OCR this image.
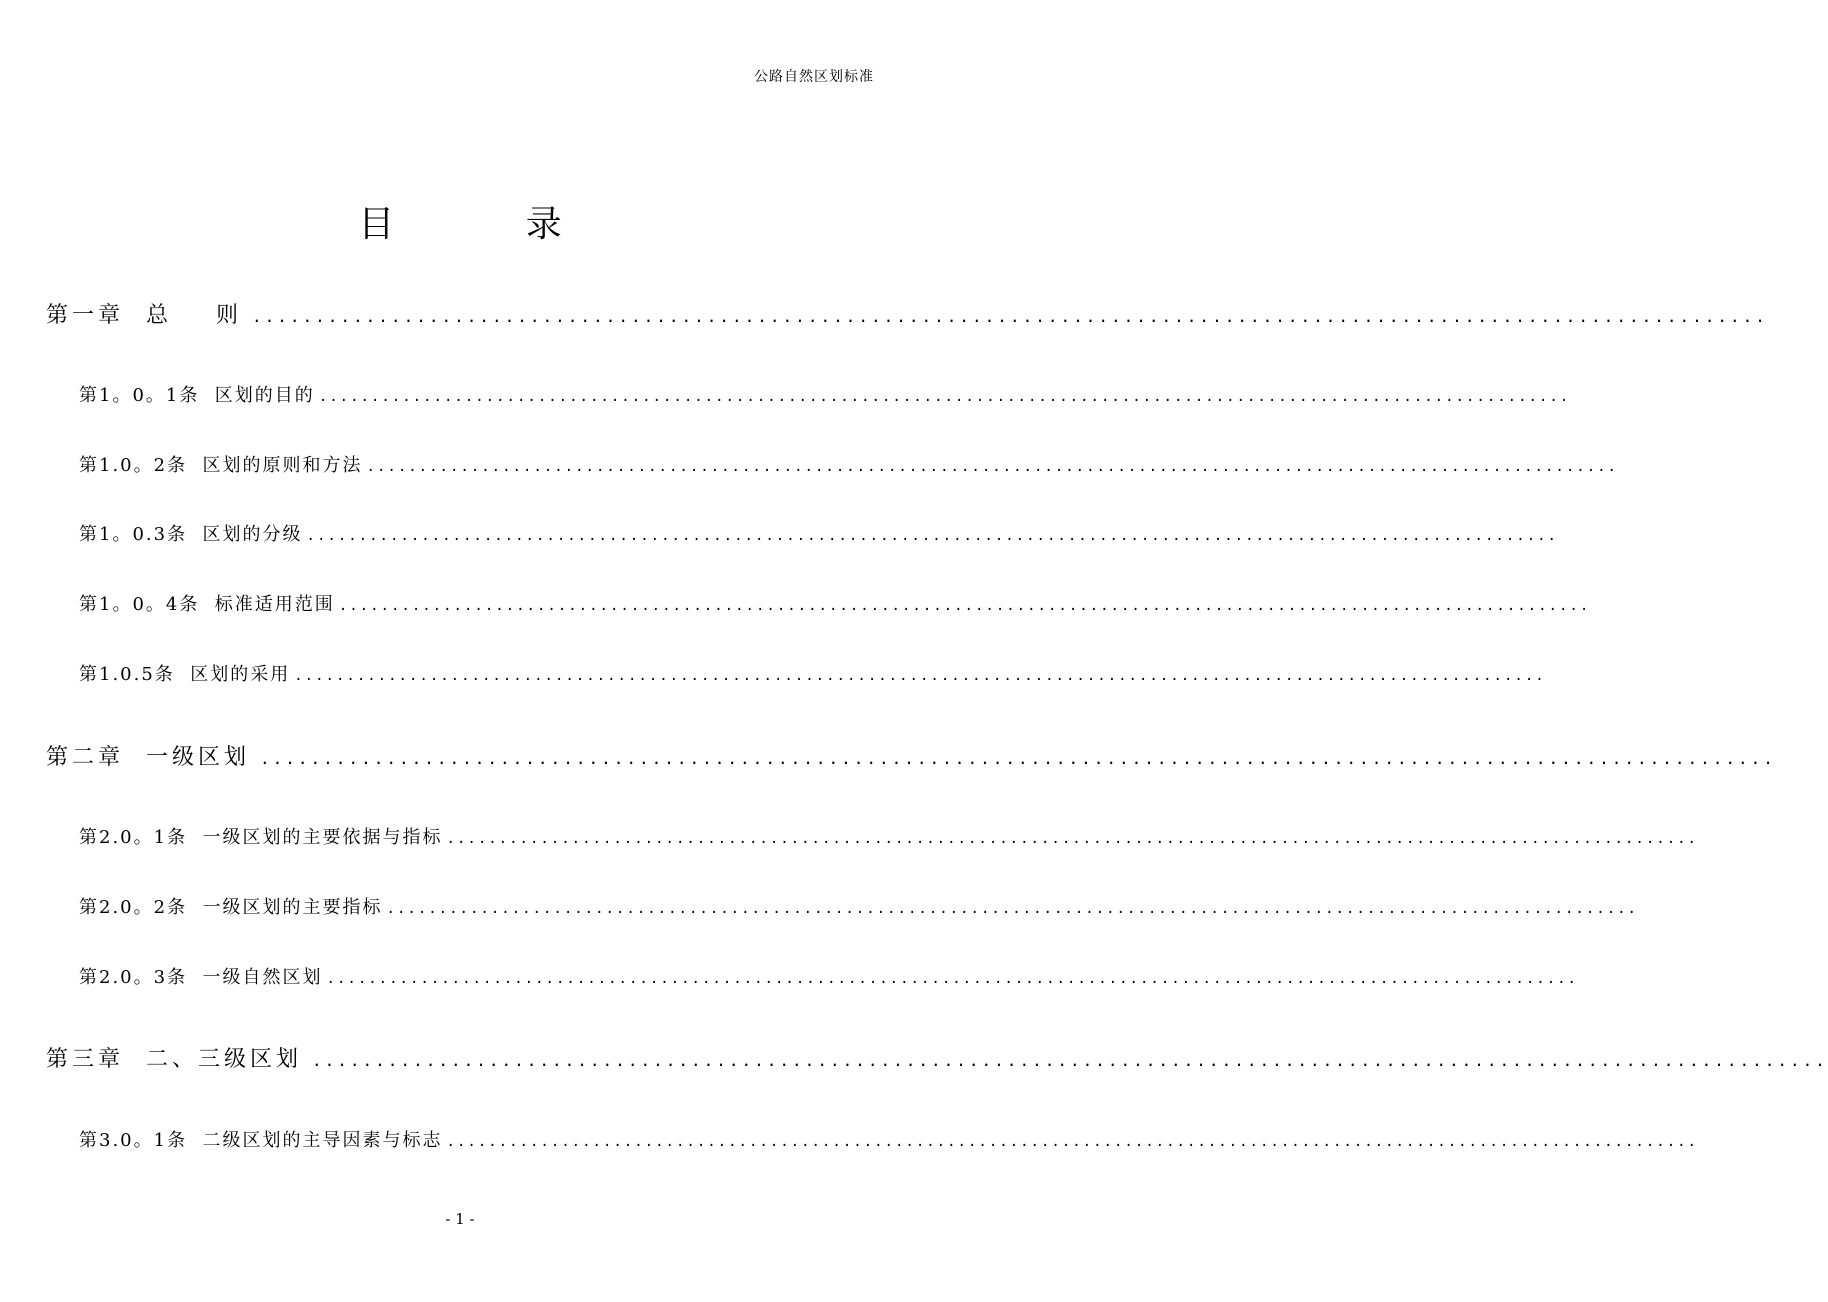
公路自然区划标准
目 录
第一章  总    则 ........................................................................................................................
第1。0。1条  区划的目的 ........................................................................................................................
第1.0。2条  区划的原则和方法 ........................................................................................................................
第1。0.3条  区划的分级 ........................................................................................................................
第1。0。4条  标准适用范围 ........................................................................................................................
第1.0.5条  区划的采用 ........................................................................................................................
第二章  一级区划 ........................................................................................................................
第2.0。1条  一级区划的主要依据与指标 ........................................................................................................................
第2.0。2条  一级区划的主要指标 ........................................................................................................................
第2.0。3条  一级自然区划 ........................................................................................................................
第三章  二、三级区划 ........................................................................................................................
第3.0。1条  二级区划的主导因素与标志 ........................................................................................................................
- 1 -
